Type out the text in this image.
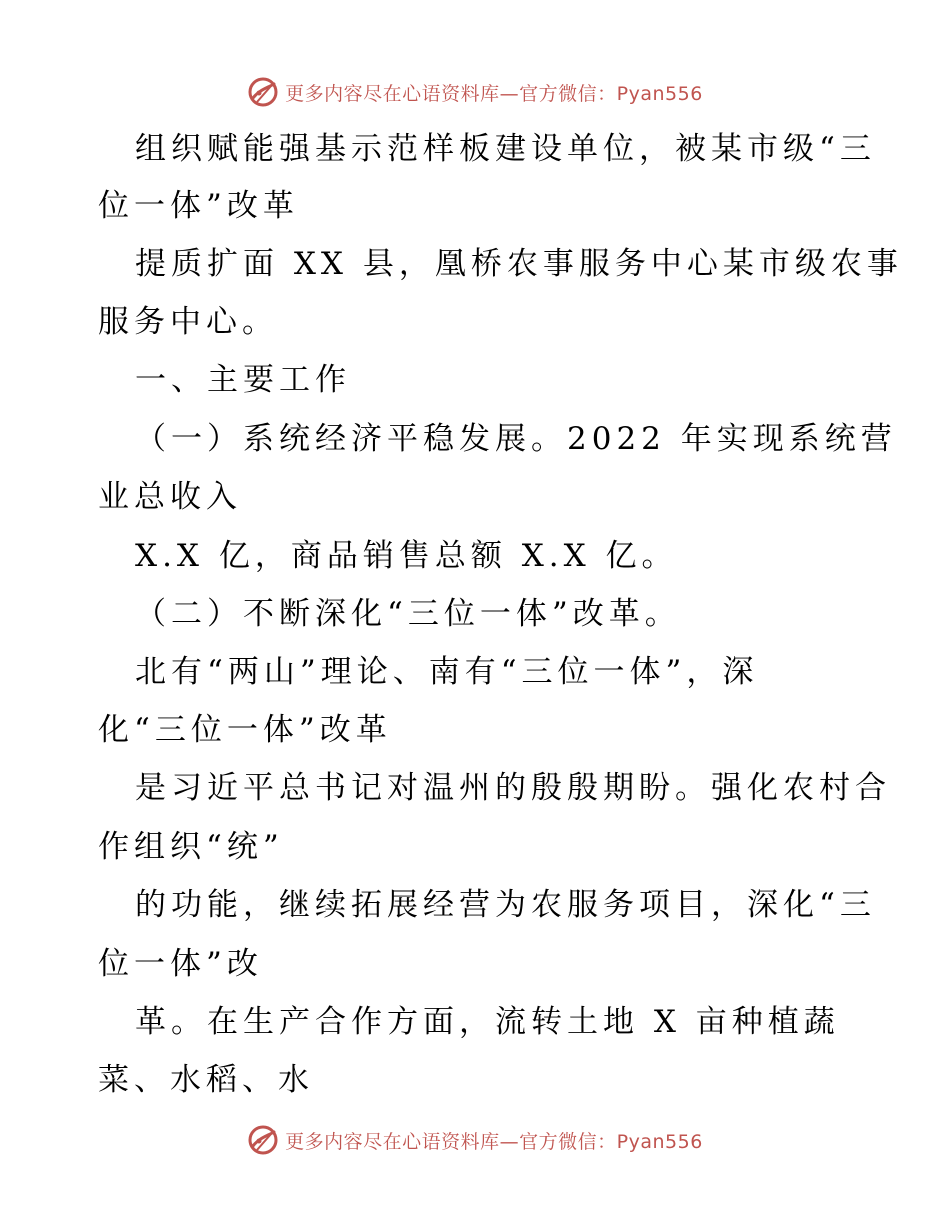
更多内容尽在心语资料库—官方微信：Pyan556
组织赋能强基示范样板建设单位，被某市级“三
位一体”改革
提质扩面 XX 县，凰桥农事服务中心某市级农事
服务中心。
一、主要工作
（一）系统经济平稳发展。2022 年实现系统营
业总收入
X.X 亿，商品销售总额 X.X 亿。
（二）不断深化“三位一体”改革。
北有“两山”理论、南有“三位一体”，深
化“三位一体”改革
是习近平总书记对温州的殷殷期盼。强化农村合
作组织“统”
的功能，继续拓展经营为农服务项目，深化“三
位一体”改
革。在生产合作方面，流转土地 X 亩种植蔬
菜、水稻、水
更多内容尽在心语资料库—官方微信：Pyan556
